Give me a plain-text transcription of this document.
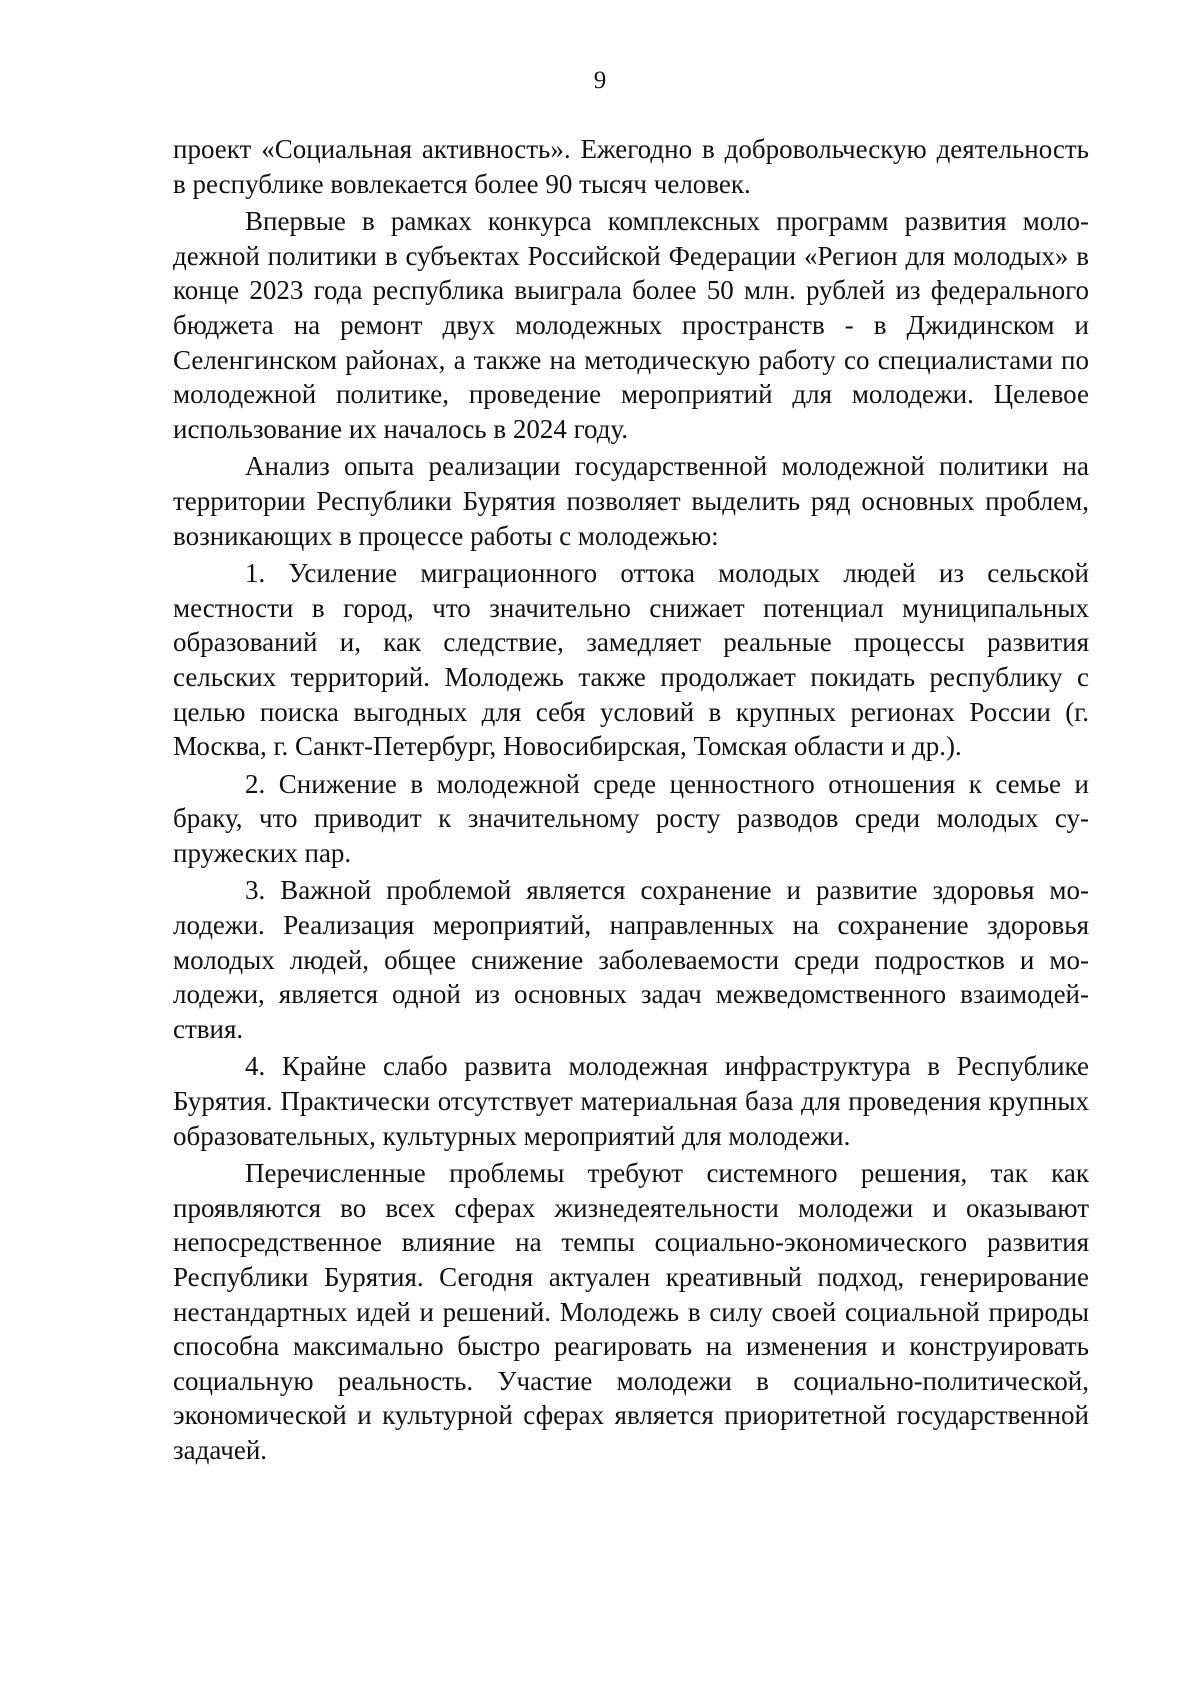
9

проект «Социальная активность». Ежегодно в добровольческую деятельность в республике вовлекается более 90 тысяч человек.

Впервые в рамках конкурса комплексных программ развития молодежной политики в субъектах Российской Федерации «Регион для молодых» в конце 2023 года республика выиграла более 50 млн. рублей из федерального бюджета на ремонт двух молодежных пространств - в Джидинском и Селенгинском районах, а также на методическую работу со специалистами по молодежной политике, проведение мероприятий для молодежи. Целевое использование их началось в 2024 году.

Анализ опыта реализации государственной молодежной политики на территории Республики Бурятия позволяет выделить ряд основных проблем, возникающих в процессе работы с молодежью:

1. Усиление миграционного оттока молодых людей из сельской местности в город, что значительно снижает потенциал муниципальных образований и, как следствие, замедляет реальные процессы развития сельских территорий. Молодежь также продолжает покидать республику с целью поиска выгодных для себя условий в крупных регионах России (г. Москва, г. Санкт-Петербург, Новосибирская, Томская области и др.).

2. Снижение в молодежной среде ценностного отношения к семье и браку, что приводит к значительному росту разводов среди молодых супружеских пар.

3. Важной проблемой является сохранение и развитие здоровья молодежи. Реализация мероприятий, направленных на сохранение здоровья молодых людей, общее снижение заболеваемости среди подростков и молодежи, является одной из основных задач межведомственного взаимодействия.

4. Крайне слабо развита молодежная инфраструктура в Республике Бурятия. Практически отсутствует материальная база для проведения крупных образовательных, культурных мероприятий для молодежи.

Перечисленные проблемы требуют системного решения, так как проявляются во всех сферах жизнедеятельности молодежи и оказывают непосредственное влияние на темпы социально-экономического развития Республики Бурятия. Сегодня актуален креативный подход, генерирование нестандартных идей и решений. Молодежь в силу своей социальной природы способна максимально быстро реагировать на изменения и конструировать социальную реальность. Участие молодежи в социально-политической, экономической и культурной сферах является приоритетной государственной задачей.
